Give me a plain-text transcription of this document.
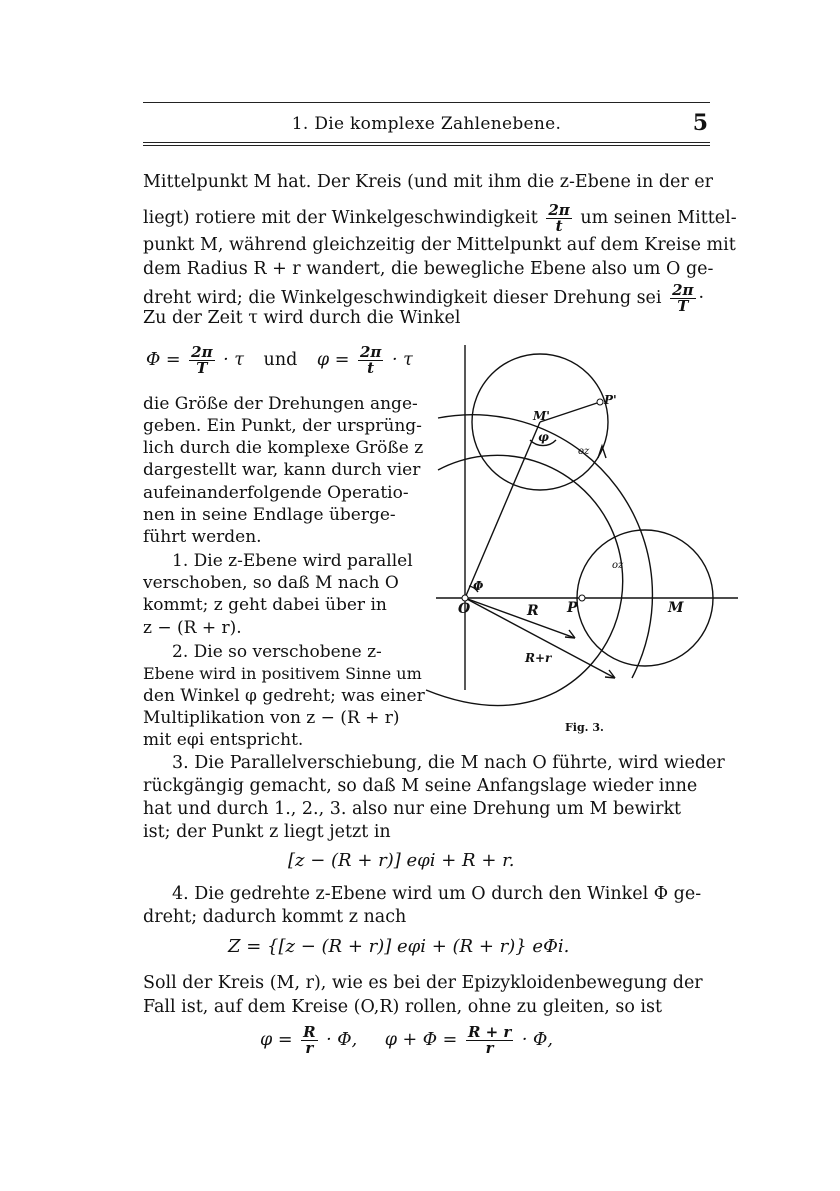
1. Die komplexe Zahlenebene.	5
Mittelpunkt M hat. Der Kreis (und mit ihm die z-Ebene in der er
liegt) rotiere mit der Winkelgeschwindigkeit $\frac{2\pi}{t}$ um seinen Mittel-
punkt M, während gleichzeitig der Mittelpunkt auf dem Kreise mit
dem Radius R + r wandert, die bewegliche Ebene also um O ge-
dreht wird; die Winkelgeschwindigkeit dieser Drehung sei $\frac{2\pi}{T}$ ·
Zu der Zeit τ wird durch die Winkel
$\Phi = \frac{2\pi}{T} \cdot \tau$ und $\varphi = \frac{2\pi}{t} \cdot \tau$
die Größe der Drehungen ange-
geben. Ein Punkt, der ursprüng-
lich durch die komplexe Größe z
dargestellt war, kann durch vier
aufeinanderfolgende Operatio-
nen in seine Endlage überge-
führt werden.
1. Die z-Ebene wird parallel
verschoben, so daß M nach O
kommt; z geht dabei über in
z − (R + r).
2. Die so verschobene z-
Ebene wird in positivem Sinne um
den Winkel φ gedreht; was einer
Multiplikation von z − (R + r)
mit eφi entspricht.
O	P	M
M'
P'
R
R+r
oz
oz
Φ
φ
Fig. 3.
3. Die Parallelverschiebung, die M nach O führte, wird wieder
rückgängig gemacht, so daß M seine Anfangslage wieder inne
hat und durch 1., 2., 3. also nur eine Drehung um M bewirkt
ist; der Punkt z liegt jetzt in
[z − (R + r)] eφi + R + r.
4. Die gedrehte z-Ebene wird um O durch den Winkel Φ ge-
dreht; dadurch kommt z nach
Z = {[z − (R + r)] eφi + (R + r)} eΦi.
Soll der Kreis (M, r), wie es bei der Epizykloidenbewegung der
Fall ist, auf dem Kreise (O,R) rollen, ohne zu gleiten, so ist
$\varphi = \frac{R}{r} \cdot \Phi$, $\varphi + \Phi = \frac{R + r}{r} \cdot \Phi$,
